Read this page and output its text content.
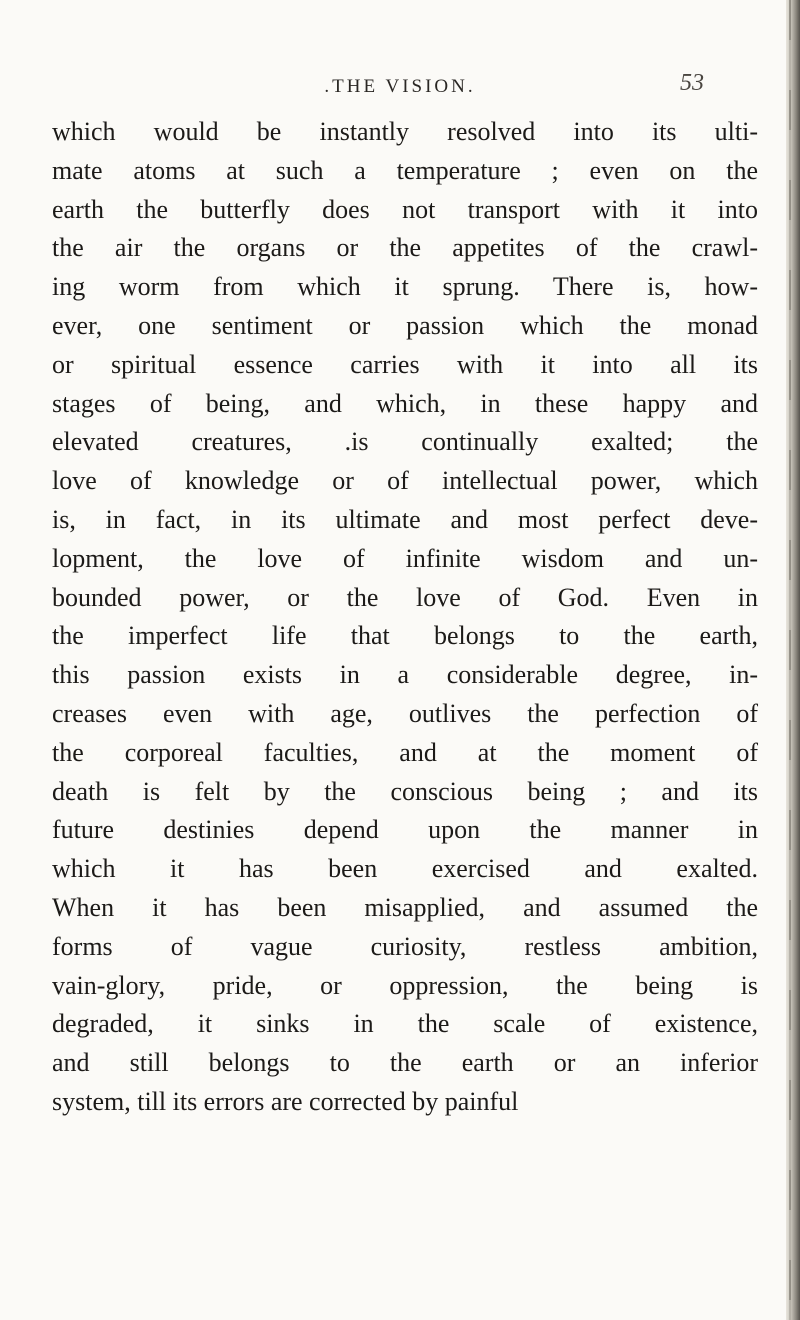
.THE VISION.	53
which would be instantly resolved into its ulti-
mate atoms at such a temperature ; even on the
earth the butterfly does not transport with it into
the air the organs or the appetites of the crawl-
ing worm from which it sprung. There is, how-
ever, one sentiment or passion which the monad
or spiritual essence carries with it into all its
stages of being, and which, in these happy and
elevated creatures, .is continually exalted; the
love of knowledge or of intellectual power, which
is, in fact, in its ultimate and most perfect deve-
lopment, the love of infinite wisdom and un-
bounded power, or the love of God. Even in
the imperfect life that belongs to the earth,
this passion exists in a considerable degree, in-
creases even with age, outlives the perfection of
the corporeal faculties, and at the moment of
death is felt by the conscious being ; and its
future destinies depend upon the manner in
which it has been exercised and exalted.
When it has been misapplied, and assumed the
forms of vague curiosity, restless ambition,
vain-glory, pride, or oppression, the being is
degraded, it sinks in the scale of existence,
and still belongs to the earth or an inferior
system, till its errors are corrected by painful
